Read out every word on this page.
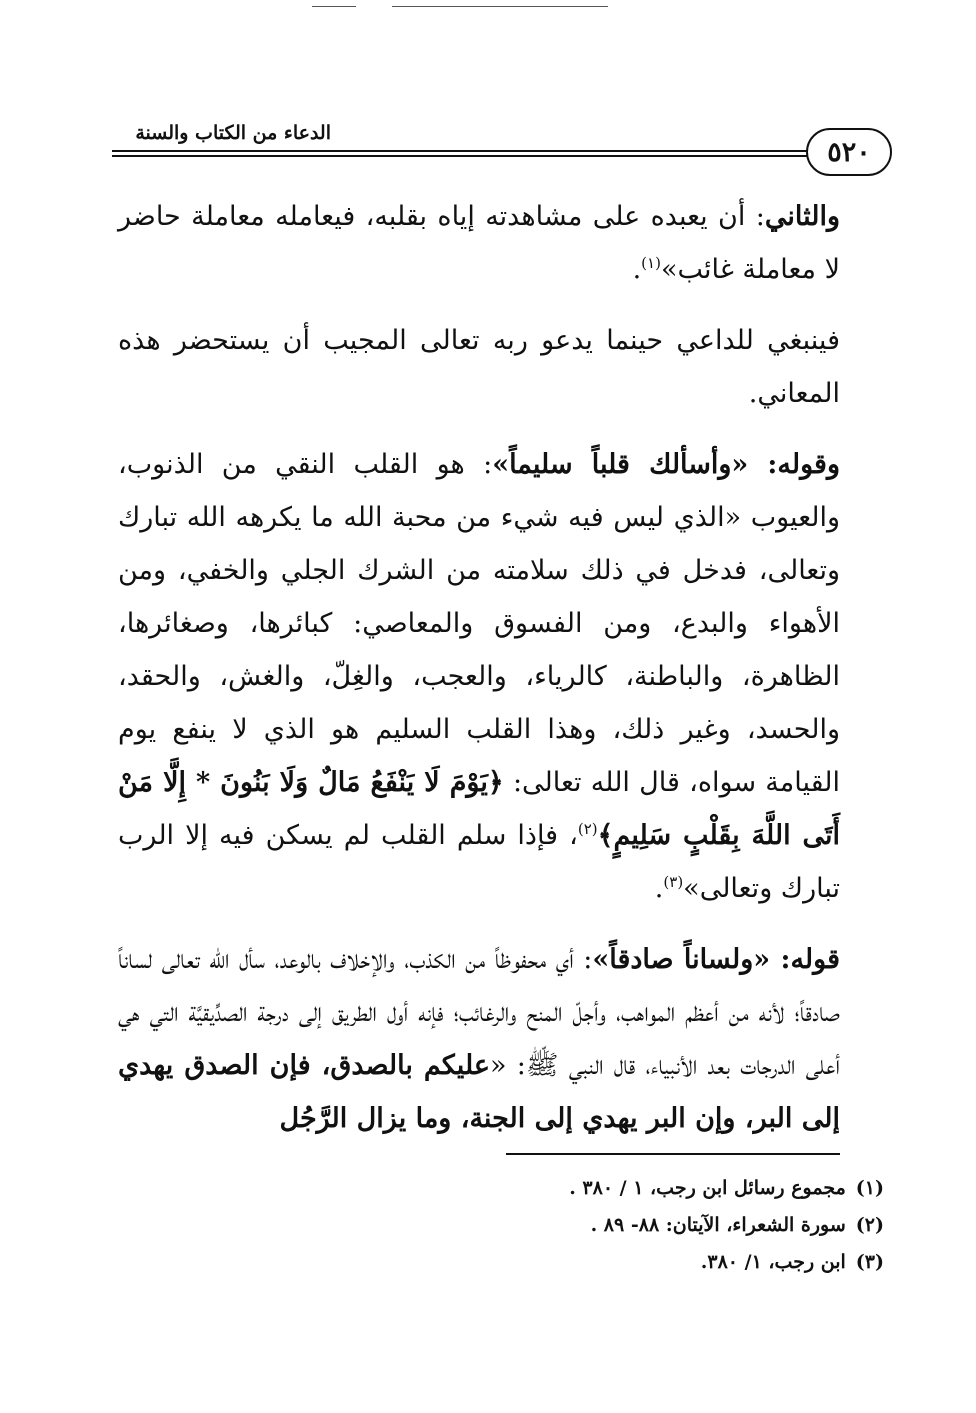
الدعاء من الكتاب والسنة
٥٢٠

والثاني: أن يعبده على مشاهدته إياه بقلبه، فيعامله معاملة حاضر لا معاملة غائب»$^{(١)}$.

فينبغي للداعي حينما يدعو ربه تعالى المجيب أن يستحضر هذه المعاني.

وقوله: «وأسألك قلباً سليماً»: هو القلب النقي من الذنوب، والعيوب «الذي ليس فيه شيء من محبة الله ما يكرهه الله تبارك وتعالى، فدخل في ذلك سلامته من الشرك الجلي والخفي، ومن الأهواء والبدع، ومن الفسوق والمعاصي: كبائرها، وصغائرها، الظاهرة، والباطنة، كالرياء، والعجب، والغِلّ، والغش، والحقد، والحسد، وغير ذلك، وهذا القلب السليم هو الذي لا ينفع يوم القيامة سواه، قال الله تعالى: ﴿يَوْمَ لَا يَنْفَعُ مَالٌ وَلَا بَنُونَ * إِلَّا مَنْ أَتَى اللَّهَ بِقَلْبٍ سَلِيمٍ﴾$^{(٢)}$، فإذا سلم القلب لم يسكن فيه إلا الرب تبارك وتعالى»$^{(٣)}$.

قوله: «ولساناً صادقاً»: أي محفوظاً من الكذب، والإخلاف بالوعد، سأل الله تعالى لساناً صادقاً؛ لأنه من أعظم المواهب، وأجلّ المنح والرغائب؛ فإنه أول الطريق إلى درجة الصدِّيقيَّة التي هي أعلى الدرجات بعد الأنبياء، قال النبي ﷺ: «عليكم بالصدق، فإن الصدق يهدي إلى البر، وإن البر يهدي إلى الجنة، وما يزال الرَّجُل

(١)مجموع رسائل ابن رجب، ١ / ٣٨٠ .
(٢)سورة الشعراء، الآيتان: ٨٨- ٨٩ .
(٣)ابن رجب، ١/ ٣٨٠.
